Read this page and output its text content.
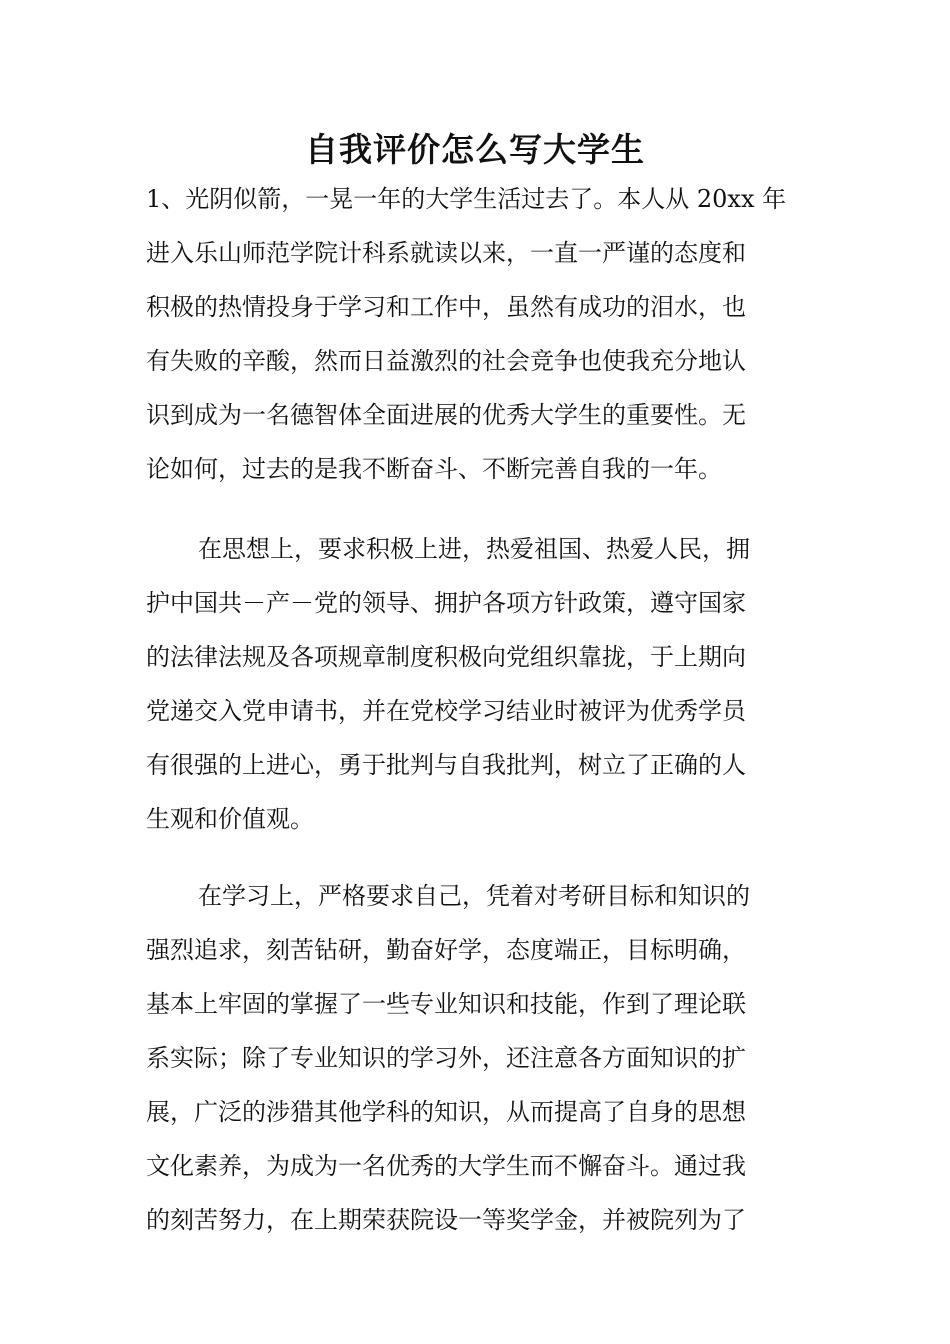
自我评价怎么写大学生
1、光阴似箭，一晃一年的大学生活过去了。本人从 20xx 年
进入乐山师范学院计科系就读以来，一直一严谨的态度和
积极的热情投身于学习和工作中，虽然有成功的泪水，也
有失败的辛酸，然而日益激烈的社会竞争也使我充分地认
识到成为一名德智体全面进展的优秀大学生的重要性。无
论如何，过去的是我不断奋斗、不断完善自我的一年。
在思想上，要求积极上进，热爱祖国、热爱人民，拥
护中国共－产－党的领导、拥护各项方针政策，遵守国家
的法律法规及各项规章制度积极向党组织靠拢，于上期向
党递交入党申请书，并在党校学习结业时被评为优秀学员
有很强的上进心，勇于批判与自我批判，树立了正确的人
生观和价值观。
在学习上，严格要求自己，凭着对考研目标和知识的
强烈追求，刻苦钻研，勤奋好学，态度端正，目标明确，
基本上牢固的掌握了一些专业知识和技能，作到了理论联
系实际；除了专业知识的学习外，还注意各方面知识的扩
展，广泛的涉猎其他学科的知识，从而提高了自身的思想
文化素养，为成为一名优秀的大学生而不懈奋斗。通过我
的刻苦努力，在上期荣获院设一等奖学金，并被院列为了
